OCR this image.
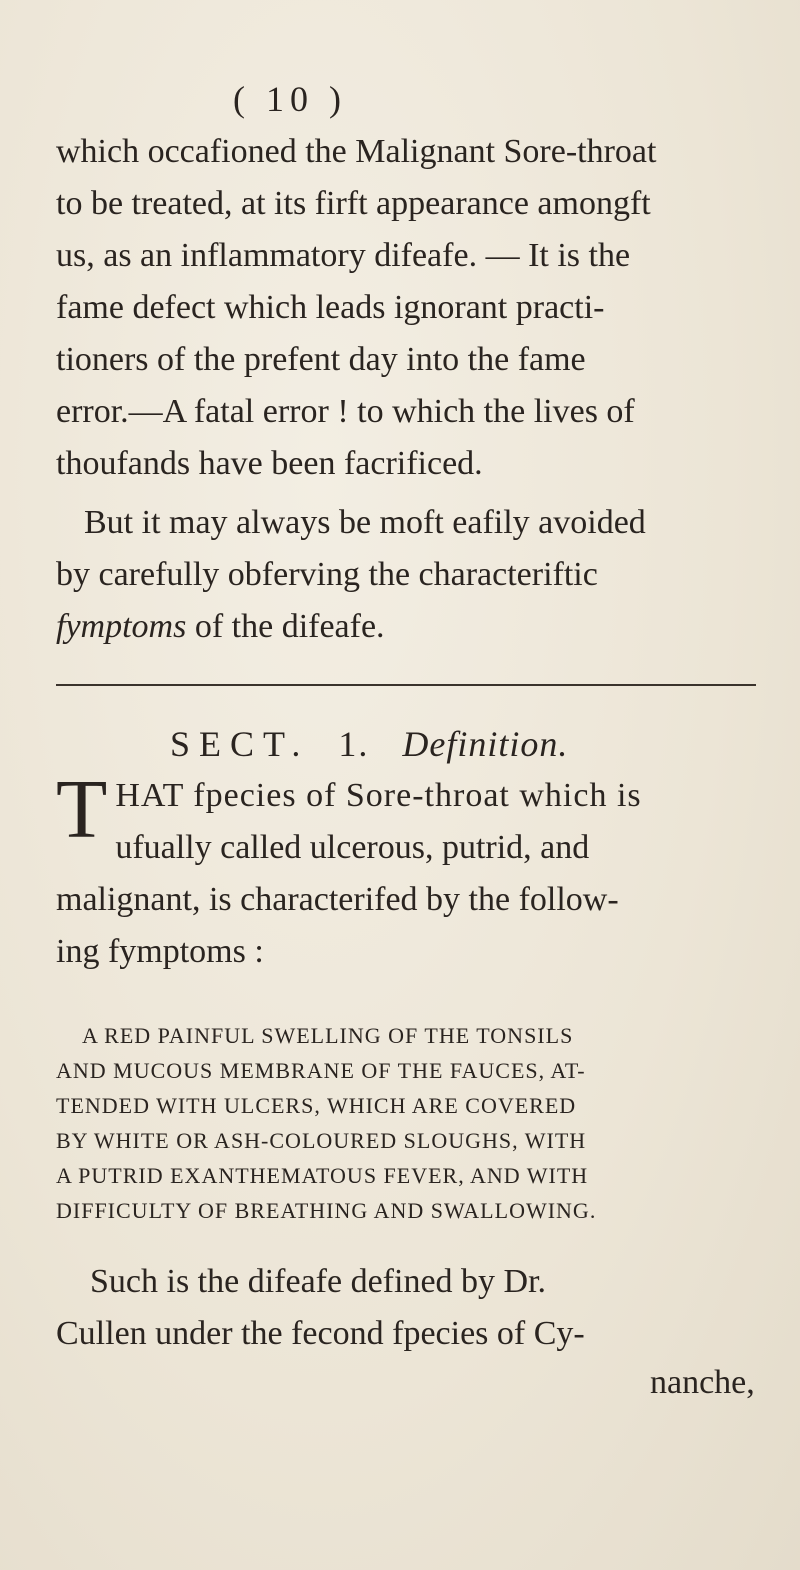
( 10 )
which occafioned the Malignant Sore-throat
to be treated, at its firft appearance amongft
us, as an inflammatory difeafe. — It is the
fame defect which leads ignorant practi-
tioners of the prefent day into the fame
error.—A fatal error ! to which the lives of
thoufands have been facrificed.
But it may always be moft eafily avoided
by carefully obferving the characteriftic
fymptoms of the difeafe.
SECT. 1. Definition.
T HAT fpecies of Sore-throat which is
ufually called ulcerous, putrid, and
malignant, is characterifed by the follow-
ing fymptoms :
A RED PAINFUL SWELLING OF THE TONSILS
AND MUCOUS MEMBRANE OF THE FAUCES, AT-
TENDED WITH ULCERS, WHICH ARE COVERED
BY WHITE OR ASH-COLOURED SLOUGHS, WITH
A PUTRID EXANTHEMATOUS FEVER, AND WITH
DIFFICULTY OF BREATHING AND SWALLOWING.
Such is the difeafe defined by Dr.
Cullen under the fecond fpecies of Cy-
nanche,
